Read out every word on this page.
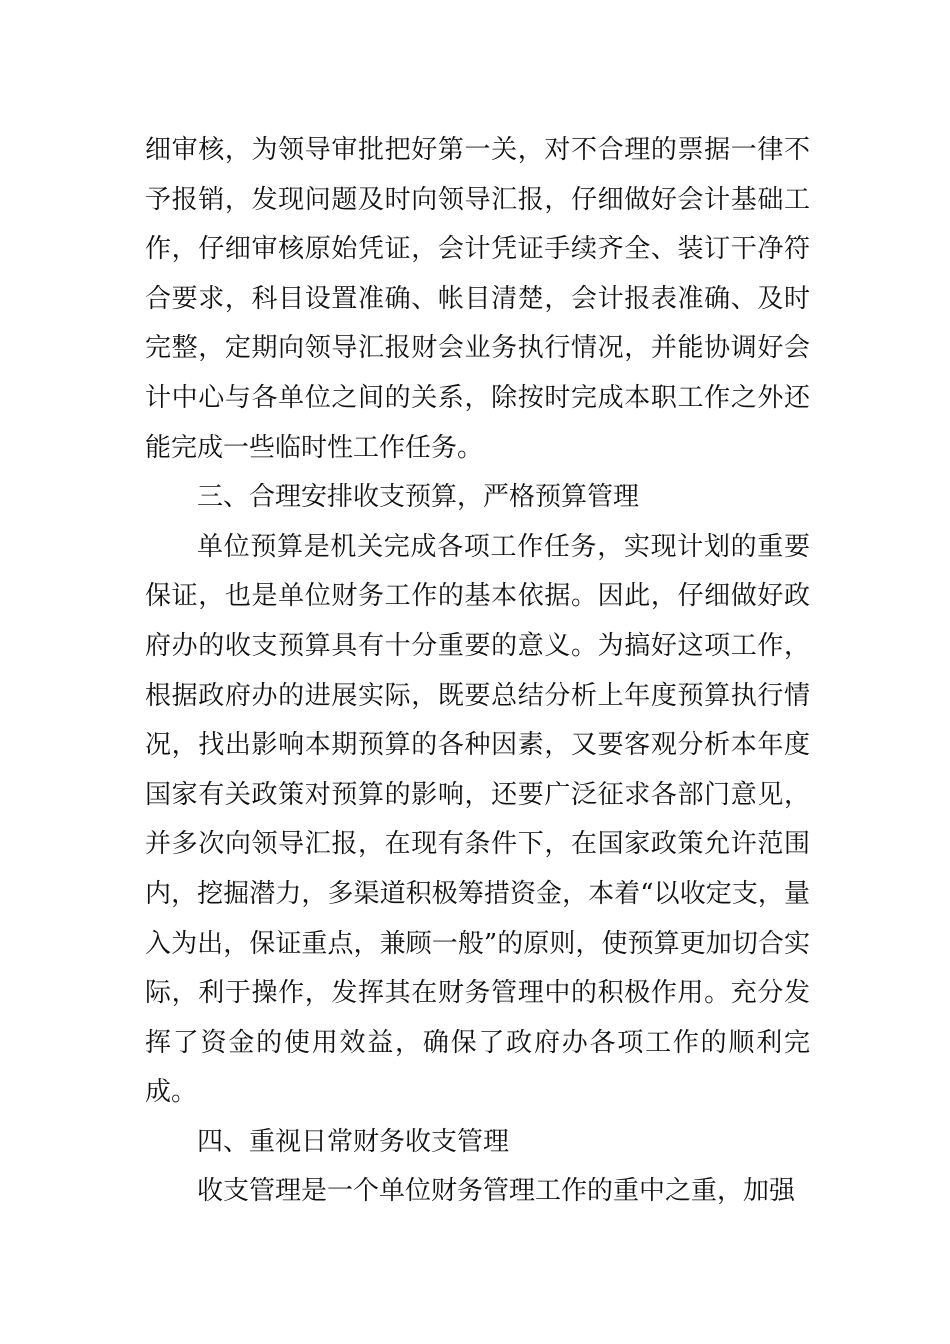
细审核，为领导审批把好第一关，对不合理的票据一律不予报销，发现问题及时向领导汇报，仔细做好会计基础工作，仔细审核原始凭证，会计凭证手续齐全、装订干净符合要求，科目设置准确、帐目清楚，会计报表准确、及时完整，定期向领导汇报财会业务执行情况，并能协调好会计中心与各单位之间的关系，除按时完成本职工作之外还能完成一些临时性工作任务。

三、合理安排收支预算，严格预算管理

单位预算是机关完成各项工作任务，实现计划的重要保证，也是单位财务工作的基本依据。因此，仔细做好政府办的收支预算具有十分重要的意义。为搞好这项工作，根据政府办的进展实际，既要总结分析上年度预算执行情况，找出影响本期预算的各种因素，又要客观分析本年度国家有关政策对预算的影响，还要广泛征求各部门意见，并多次向领导汇报，在现有条件下，在国家政策允许范围内，挖掘潜力，多渠道积极筹措资金，本着“以收定支，量入为出，保证重点，兼顾一般”的原则，使预算更加切合实际，利于操作，发挥其在财务管理中的积极作用。充分发挥了资金的使用效益，确保了政府办各项工作的顺利完成。

四、重视日常财务收支管理

收支管理是一个单位财务管理工作的重中之重，加强
